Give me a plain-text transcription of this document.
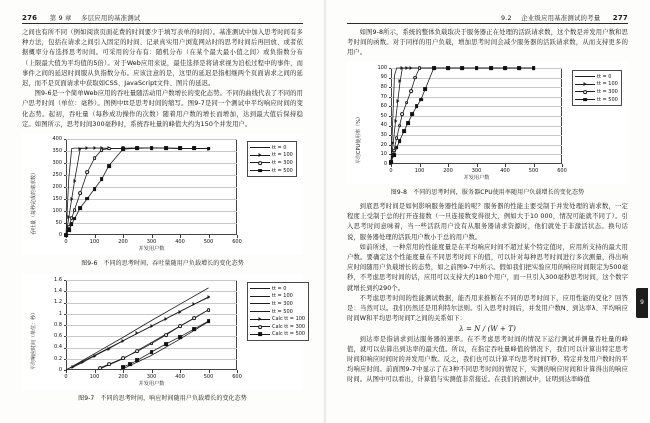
276 第 9 章 多层应用的基准测试

之间也有所不同（例如阅读页面花费的时间要少于填写表单的时间）。基准测试中加入思考时间有多种方法，包括在请求之间引入固定的时间、记录真实用户浏览网站时的思考时间后再回放、或者依据概率分布选择思考时间。可采用的分布有：随机分布（在某个最大最小值之间）或负指数分布（上限最大值为平均值的5倍）。对于Web应用来说，最佳选择是将请求视为泊松过程中的事件，而事件之间的延迟时间服从负指数分布。应该注意的是，这里的延迟是指相继两个页面请求之间的延迟，而不是页面请求中获取如CSS、JavaScript文件、图片的延迟。

图9-6是一个简单Web应用的吞吐量随活动用户数增长的变化态势。不同的曲线代表了不同的用户思考时间（单位：毫秒）。图例中tt是思考时间的缩写。图9-7是同一个测试中平均响应时间的变化态势。起初，吞吐量（每秒成功操作的次数）随着用户数的增长而增加，达到最大值后保持稳定。如图所示，思考时间300毫秒时，系统吞吐量的峰值大约为150个并发用户。

0
50
100
150
200
250
300
350
400
0	100	200	300	400	500	600
并发用户数
吞吐量（每秒完成的请求数）
tt = 0
tt = 100
tt = 300
tt = 500
图9-6　不同的思考时间，吞吐量随用户负载增长的变化态势
0
0.2
0.4
0.6
0.8
1
1.2
1.4
1.6
0	100	200	300	400	500	600
并发用户数
平均响应时间（单位：秒）
tt = 0
tt = 100
tt = 300
tt = 500
Calc tt = 100
Calc tt = 300
Calc tt = 500
图9-7　不同的思考时间，响应时间随用户负载增长的变化态势
9.2 企业级应用基准测试的考量 277

如图9-8所示，系统的整体负载取决于服务器正在处理的活跃请求数，这个数是并发用户数和思考时间的函数。对于同样的用户负载，增加思考时间会减少服务器的活跃请求数，从而支持更多的用户。

0
10
20
30
40
50
60
70
80
90
100
0	100	200	300	400	500	600
并发用户数
平均CPU使用率（%）
tt = 0
tt = 100
tt = 300
tt = 500
图9-8　不同的思考时间，服务器CPU使用率随用户负载增长的变化态势

到底思考时间是如何影响服务器性能的呢？服务器的性能主要受制于并发处理的请求数，一定程度上受制于总的打开连接数（一旦连接数变得很大，例如大于10 000，情况可能就不同了）。引入思考时间意味着，当一些活跃用户没有从服务器请求资源时，他们就处于非激活状态。换句话说，服务器处理的活跃用户数小于总的用户数。

如前所述，一种常用的性能度量是在平均响应时间不超过某个特定值时，应用所支持的最大用户数。要确定这个性能度量在不同思考时间下的值，可以针对每种思考时间进行多次测量，得出响应时间随用户负载增长的态势，如之前图9-7中所示。假如我们把实验应用的响应时间限定为500毫秒，不考虑思考时间的话，应用可以支持大约180个用户，而一旦引入300毫秒思考时间，这个数字就增长到约290个。

不考虑思考时间的性能测试数据，能否用来推断在不同的思考时间下，应用性能的变化？回答是：当然可以。我们仍然还是用利特尔法则。引入思考时间后，并发用户数N、到达率λ、平均响应时间W和平均思考时间T之间的关系如下：

λ = N / (W + T)

到达率是指请求到达服务器的速率。在不考虑思考时间的情况下运行测试并测量吞吐量的峰值，就可以估算出到达率的最大值。所以，在指定吞吐量峰值的情况下，我们可以计算出特定思考时间和响应时间时的并发用户数。反之，我们也可以计算平均思考时间T秒、特定并发用户数时的平均响应时间。前面图9-7中显示了在3种不同思考时间的情况下，实测的响应时间和计算得出的响应时间。从图中可以看出，计算值与实测值非常接近。在我们的测试中，证明到达率峰值

9
